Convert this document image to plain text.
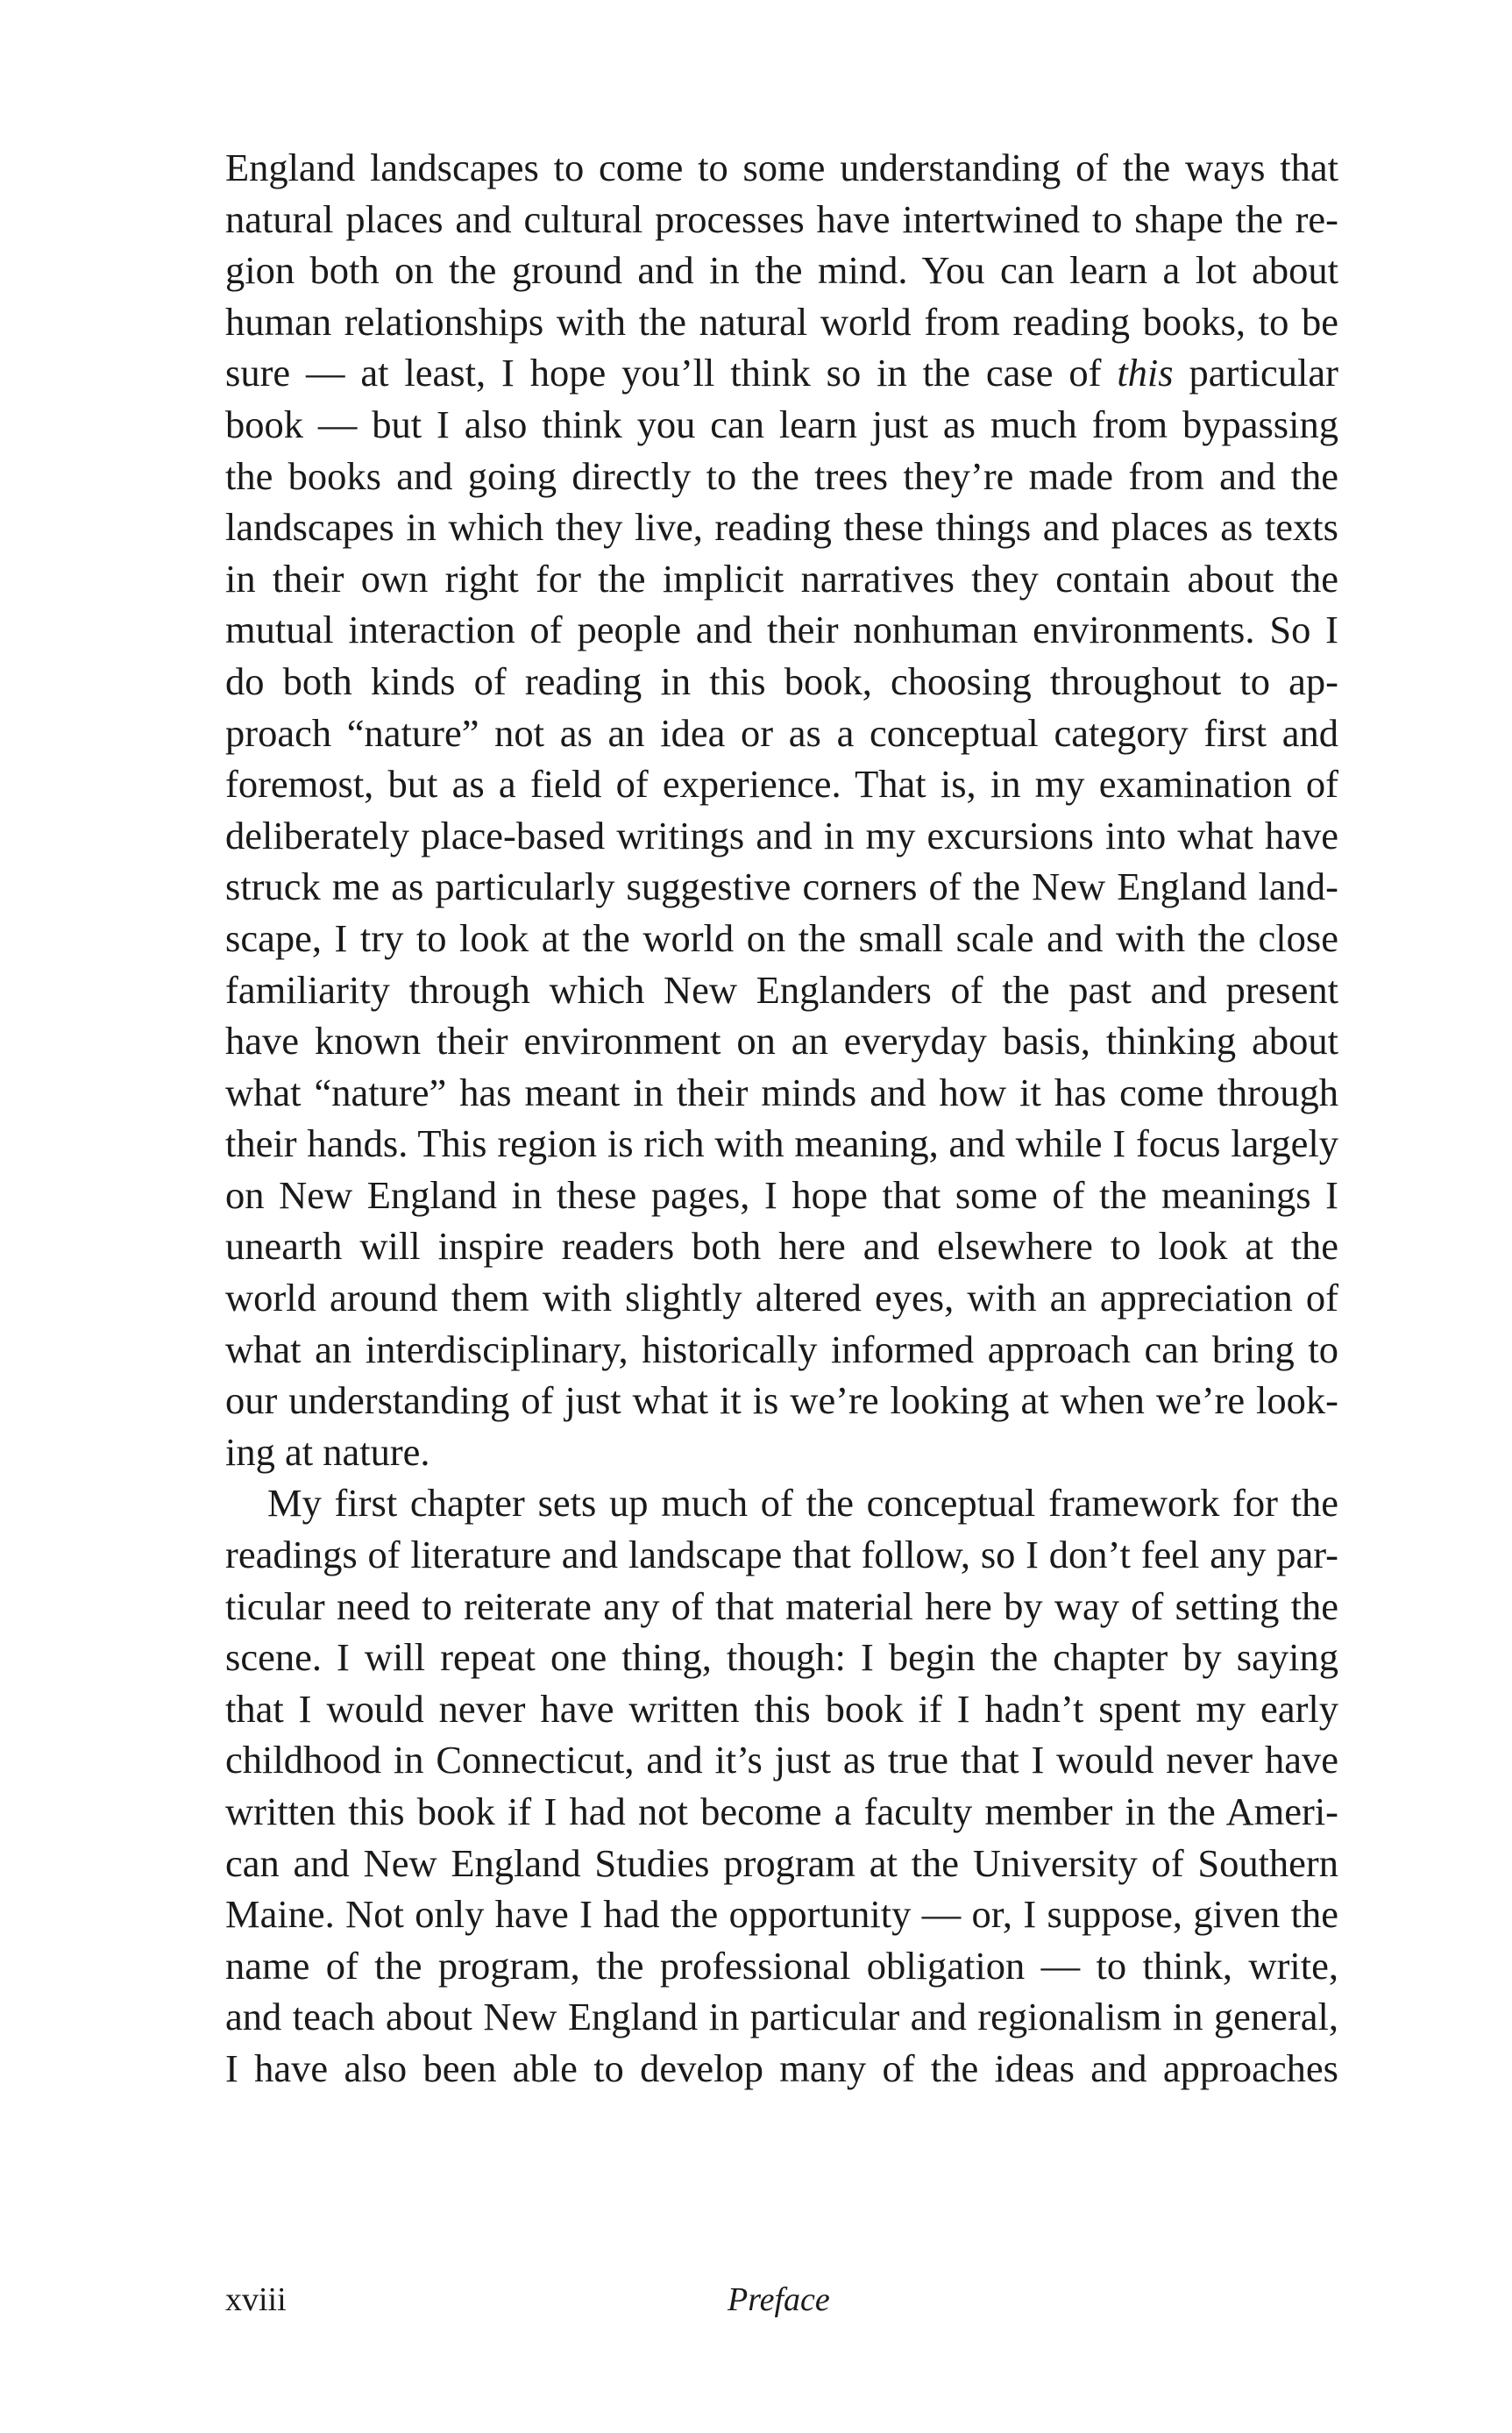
England landscapes to come to some understanding of the ways that
natural places and cultural processes have intertwined to shape the re-
gion both on the ground and in the mind. You can learn a lot about
human relationships with the natural world from reading books, to be
sure — at least, I hope you’ll think so in the case of this particular
book — but I also think you can learn just as much from bypassing
the books and going directly to the trees they’re made from and the
landscapes in which they live, reading these things and places as texts
in their own right for the implicit narratives they contain about the
mutual interaction of people and their nonhuman environments. So I
do both kinds of reading in this book, choosing throughout to ap-
proach “nature” not as an idea or as a conceptual category first and
foremost, but as a field of experience. That is, in my examination of
deliberately place-based writings and in my excursions into what have
struck me as particularly suggestive corners of the New England land-
scape, I try to look at the world on the small scale and with the close
familiarity through which New Englanders of the past and present
have known their environment on an everyday basis, thinking about
what “nature” has meant in their minds and how it has come through
their hands. This region is rich with meaning, and while I focus largely
on New England in these pages, I hope that some of the meanings I
unearth will inspire readers both here and elsewhere to look at the
world around them with slightly altered eyes, with an appreciation of
what an interdisciplinary, historically informed approach can bring to
our understanding of just what it is we’re looking at when we’re look-
ing at nature.
My first chapter sets up much of the conceptual framework for the
readings of literature and landscape that follow, so I don’t feel any par-
ticular need to reiterate any of that material here by way of setting the
scene. I will repeat one thing, though: I begin the chapter by saying
that I would never have written this book if I hadn’t spent my early
childhood in Connecticut, and it’s just as true that I would never have
written this book if I had not become a faculty member in the Ameri-
can and New England Studies program at the University of Southern
Maine. Not only have I had the opportunity — or, I suppose, given the
name of the program, the professional obligation — to think, write,
and teach about New England in particular and regionalism in general,
I have also been able to develop many of the ideas and approaches
xviii	Preface
